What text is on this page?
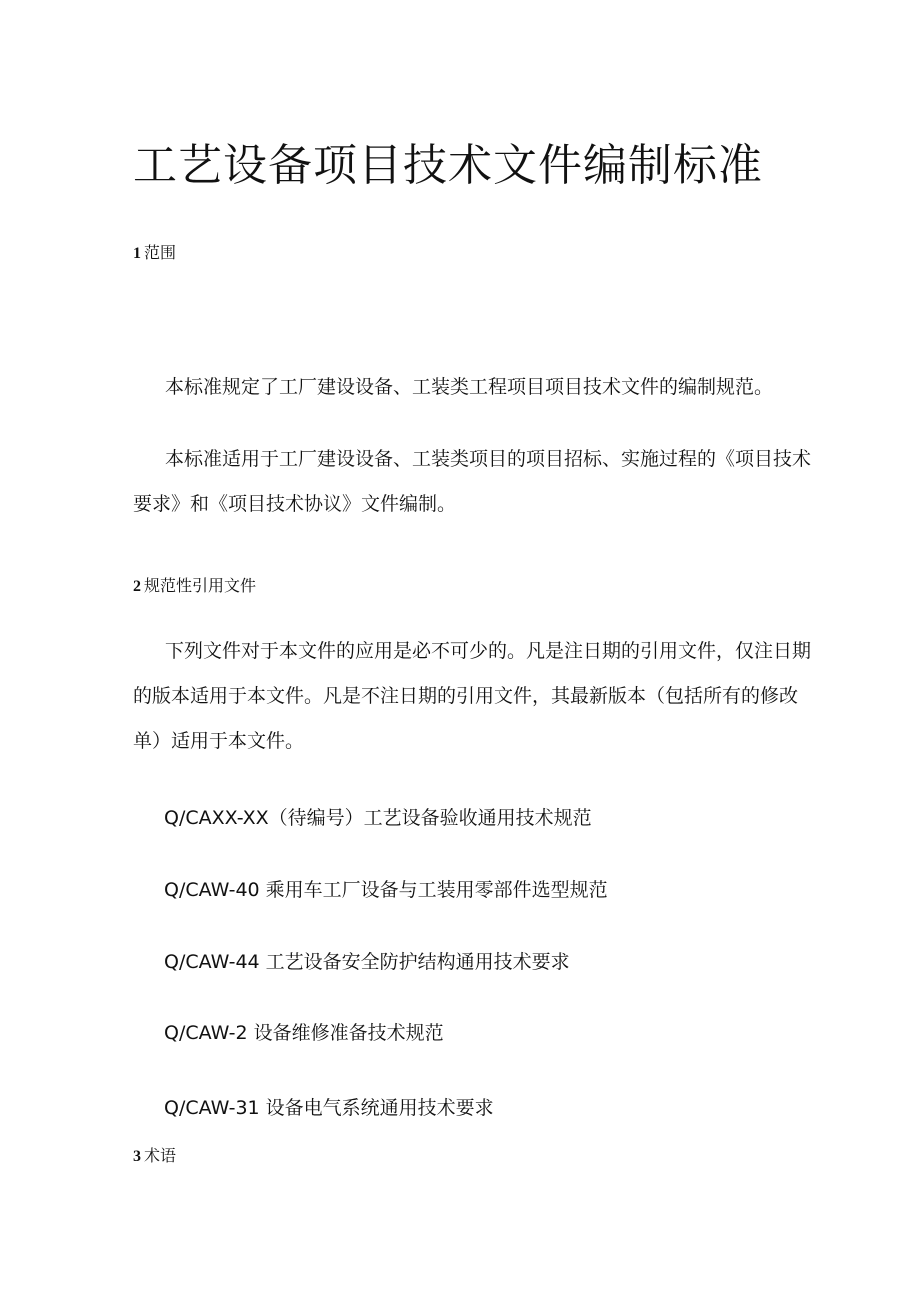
工艺设备项目技术文件编制标准
1 范围
本标准规定了工厂建设设备、工装类工程项目项目技术文件的编制规范。
本标准适用于工厂建设设备、工装类项目的项目招标、实施过程的《项目技术要求》和《项目技术协议》文件编制。
2 规范性引用文件
下列文件对于本文件的应用是必不可少的。凡是注日期的引用文件，仅注日期的版本适用于本文件。凡是不注日期的引用文件，其最新版本（包括所有的修改单）适用于本文件。
Q/CAXX-XX（待编号）工艺设备验收通用技术规范
Q/CAW-40 乘用车工厂设备与工装用零部件选型规范
Q/CAW-44 工艺设备安全防护结构通用技术要求
Q/CAW-2 设备维修准备技术规范
Q/CAW-31 设备电气系统通用技术要求
3 术语
